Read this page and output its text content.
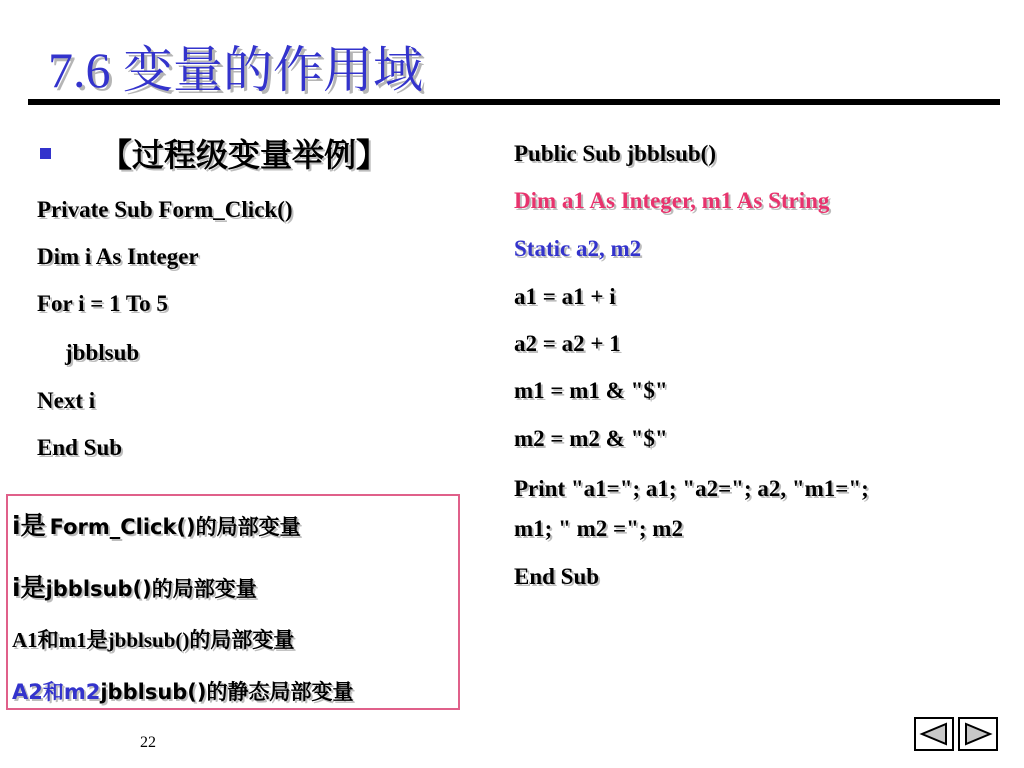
7.6 变量的作用域
【过程级变量举例】
Private Sub Form_Click()
Dim i As Integer
For i = 1 To 5
jbblsub
Next i
End Sub
Public Sub jbblsub()
Dim a1 As Integer, m1 As String
Static a2, m2
a1 = a1 + i
a2 = a2 + 1
m1 = m1 & "$"
m2 = m2 & "$"
Print "a1="; a1; "a2="; a2, "m1=";
m1; " m2 ="; m2
End Sub
i是 Form_Click()的局部变量
i是jbblsub()的局部变量
A1和m1是jbblsub()的局部变量
A2和m2jbblsub()的静态局部变量
22
